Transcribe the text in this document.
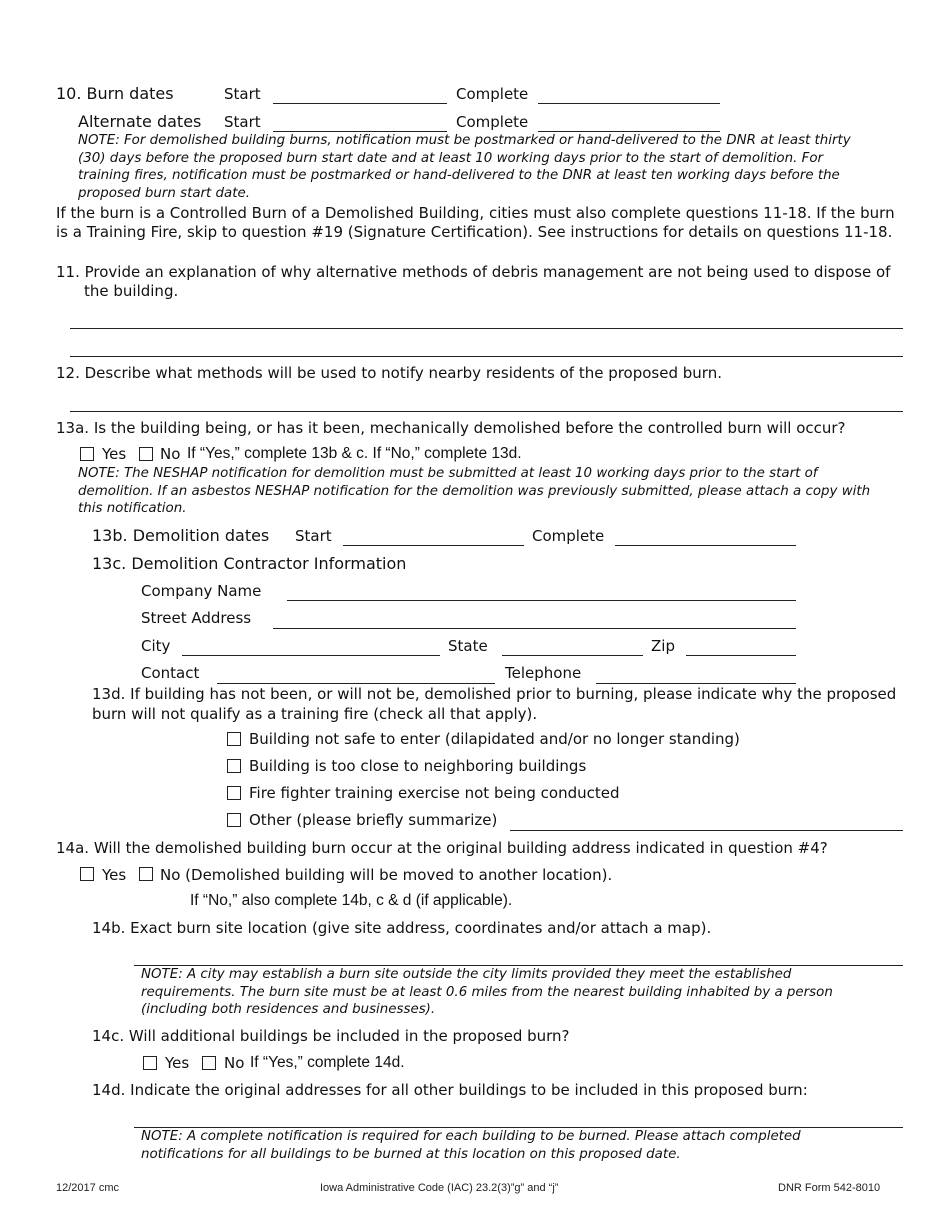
10. Burn dates	Start	Complete
Alternate dates Start	Complete
NOTE: For demolished building burns, notification must be postmarked or hand-delivered to the DNR at least thirty (30) days before the proposed burn start date and at least 10 working days prior to the start of demolition. For training fires, notification must be postmarked or hand-delivered to the DNR at least ten working days before the proposed burn start date.
If the burn is a Controlled Burn of a Demolished Building, cities must also complete questions 11-18. If the burn is a Training Fire, skip to question #19 (Signature Certification). See instructions for details on questions 11-18.
11. Provide an explanation of why alternative methods of debris management are not being used to dispose of the building.
12. Describe what methods will be used to notify nearby residents of the proposed burn.
13a. Is the building being, or has it been, mechanically demolished before the controlled burn will occur?
Yes No If “Yes,” complete 13b & c. If “No,” complete 13d.
NOTE: The NESHAP notification for demolition must be submitted at least 10 working days prior to the start of demolition. If an asbestos NESHAP notification for the demolition was previously submitted, please attach a copy with this notification.
13b. Demolition dates Start	Complete
13c. Demolition Contractor Information
Company Name
Street Address
City	State	Zip
Contact	Telephone
13d. If building has not been, or will not be, demolished prior to burning, please indicate why the proposed burn will not qualify as a training fire (check all that apply).
Building not safe to enter (dilapidated and/or no longer standing)
Building is too close to neighboring buildings
Fire fighter training exercise not being conducted
Other (please briefly summarize)
14a. Will the demolished building burn occur at the original building address indicated in question #4?
Yes No (Demolished building will be moved to another location).
If “No,” also complete 14b, c & d (if applicable).
14b. Exact burn site location (give site address, coordinates and/or attach a map).
NOTE: A city may establish a burn site outside the city limits provided they meet the established requirements. The burn site must be at least 0.6 miles from the nearest building inhabited by a person (including both residences and businesses).
14c. Will additional buildings be included in the proposed burn?
Yes No If “Yes,” complete 14d.
14d. Indicate the original addresses for all other buildings to be included in this proposed burn:
NOTE: A complete notification is required for each building to be burned. Please attach completed notifications for all buildings to be burned at this location on this proposed date.
12/2017 cmc	Iowa Administrative Code (IAC) 23.2(3)”g” and “j”	DNR Form 542-8010
